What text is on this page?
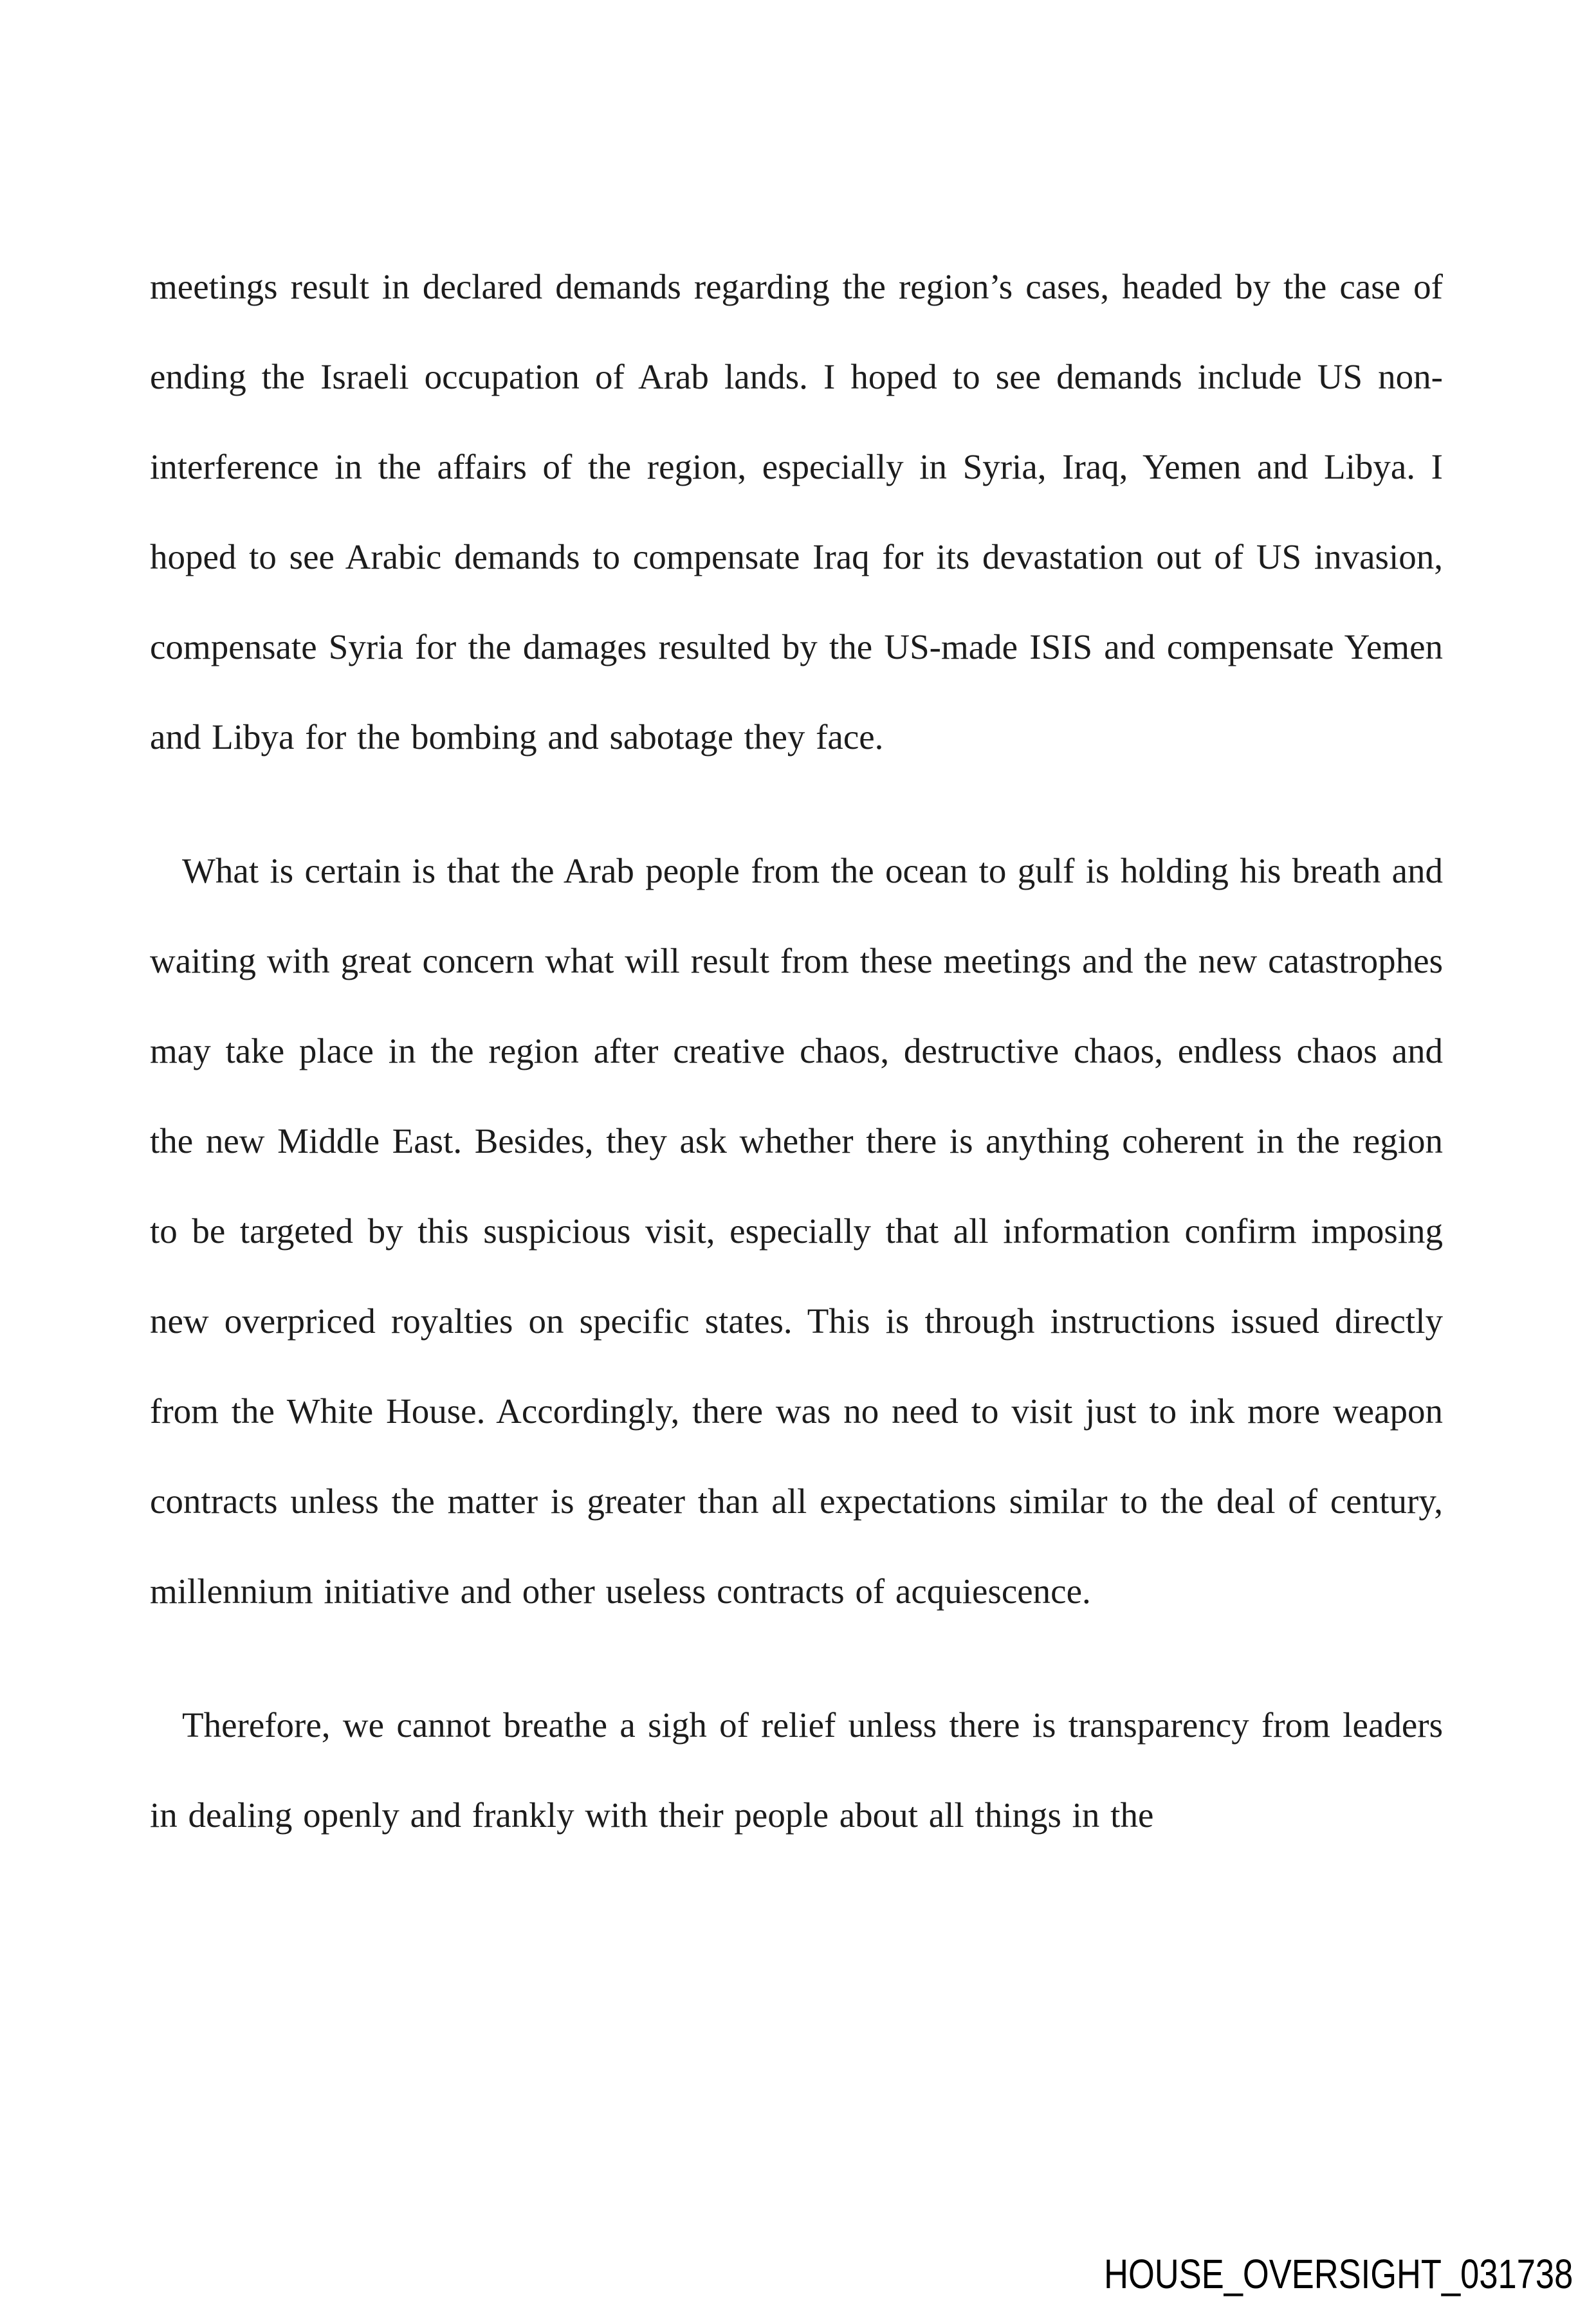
meetings result in declared demands regarding the region’s cases, headed by the case of ending the Israeli occupation of Arab lands. I hoped to see demands include US non-interference in the affairs of the region, especially in Syria, Iraq, Yemen and Libya. I hoped to see Arabic demands to compensate Iraq for its devastation out of US invasion, compensate Syria for the damages resulted by the US-made ISIS and compensate Yemen and Libya for the bombing and sabotage they face.

What is certain is that the Arab people from the ocean to gulf is holding his breath and waiting with great concern what will result from these meetings and the new catastrophes may take place in the region after creative chaos, destructive chaos, endless chaos and the new Middle East. Besides, they ask whether there is anything coherent in the region to be targeted by this suspicious visit, especially that all information confirm imposing new overpriced royalties on specific states. This is through instructions issued directly from the White House. Accordingly, there was no need to visit just to ink more weapon contracts unless the matter is greater than all expectations similar to the deal of century, millennium initiative and other useless contracts of acquiescence.

Therefore, we cannot breathe a sigh of relief unless there is transparency from leaders in dealing openly and frankly with their people about all things in the

HOUSE_OVERSIGHT_031738
